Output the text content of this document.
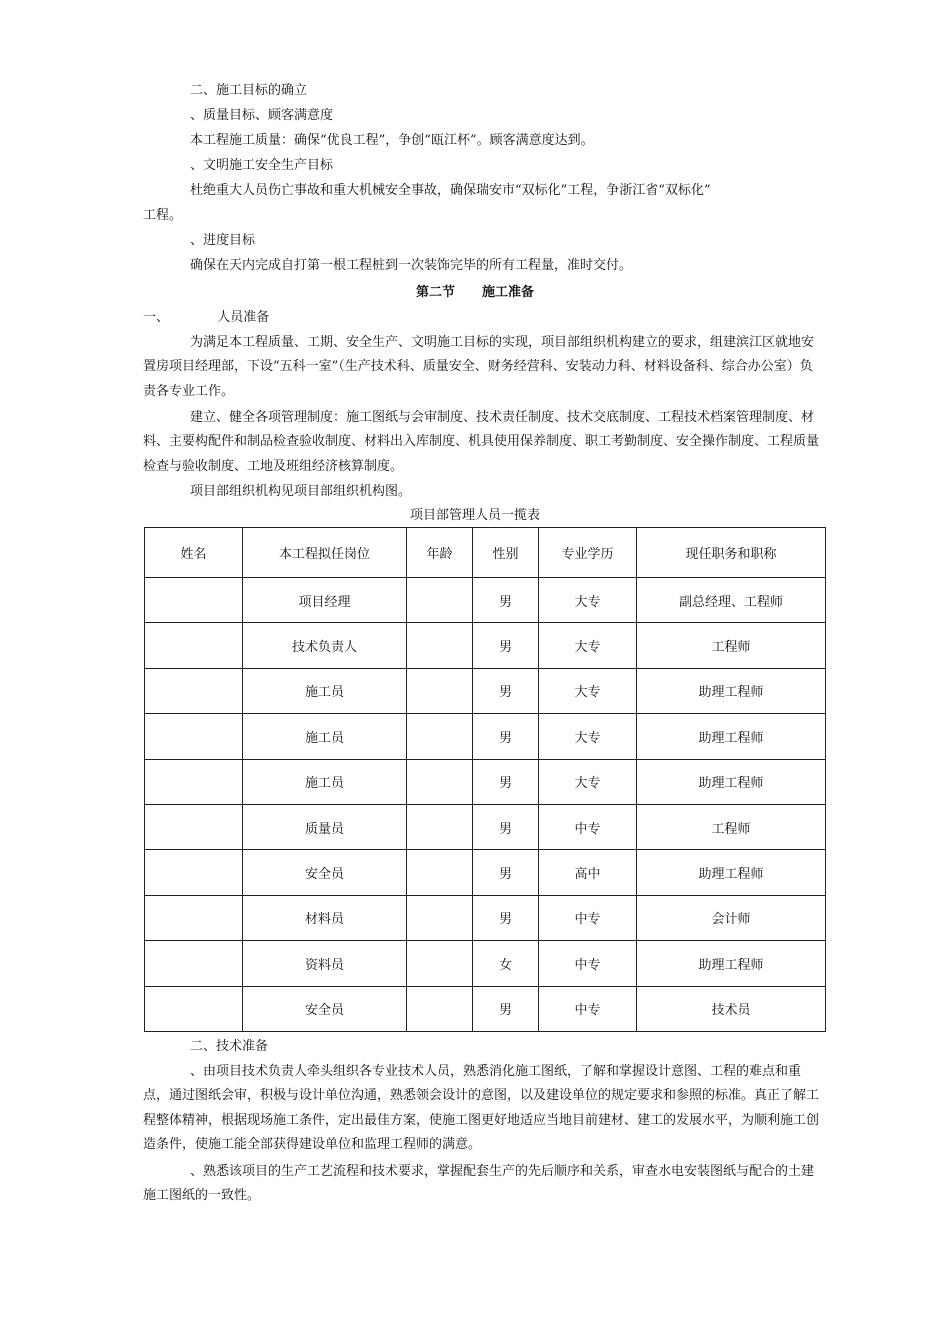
二、施工目标的确立
、质量目标、顾客满意度
本工程施工质量：确保“优良工程”，争创“瓯江杯”。顾客满意度达到。
、文明施工安全生产目标
杜绝重大人员伤亡事故和重大机械安全事故，确保瑞安市“双标化”工程，争浙江省“双标化”
工程。
、进度目标
确保在天内完成自打第一根工程桩到一次装饰完毕的所有工程量，准时交付。
第二节 施工准备
一、	人员准备
为满足本工程质量、工期、安全生产、文明施工目标的实现，项目部组织机构建立的要求，组建滨江区就地安置房项目经理部，下设“五科一室”（生产技术科、质量安全、财务经营科、安装动力科、材料设备科、综合办公室）负责各专业工作。
建立、健全各项管理制度：施工图纸与会审制度、技术责任制度、技术交底制度、工程技术档案管理制度、材料、主要构配件和制品检查验收制度、材料出入库制度、机具使用保养制度、职工考勤制度、安全操作制度、工程质量检查与验收制度、工地及班组经济核算制度。
项目部组织机构见项目部组织机构图。
项目部管理人员一揽表
姓名	本工程拟任岗位	年龄	性别	专业学历	现任职务和职称
	项目经理		男	大专	副总经理、工程师
	技术负责人		男	大专	工程师
	施工员		男	大专	助理工程师
	施工员		男	大专	助理工程师
	施工员		男	大专	助理工程师
	质量员		男	中专	工程师
	安全员		男	高中	助理工程师
	材料员		男	中专	会计师
	资料员		女	中专	助理工程师
	安全员		男	中专	技术员
二、技术准备
、由项目技术负责人牵头组织各专业技术人员，熟悉消化施工图纸，了解和掌握设计意图、工程的难点和重点，通过图纸会审，积极与设计单位沟通，熟悉领会设计的意图，以及建设单位的规定要求和参照的标准。真正了解工程整体精神，根据现场施工条件，定出最佳方案，使施工图更好地适应当地目前建材、建工的发展水平，为顺利施工创造条件，使施工能全部获得建设单位和监理工程师的满意。
、熟悉该项目的生产工艺流程和技术要求，掌握配套生产的先后顺序和关系，审查水电安装图纸与配合的土建施工图纸的一致性。
